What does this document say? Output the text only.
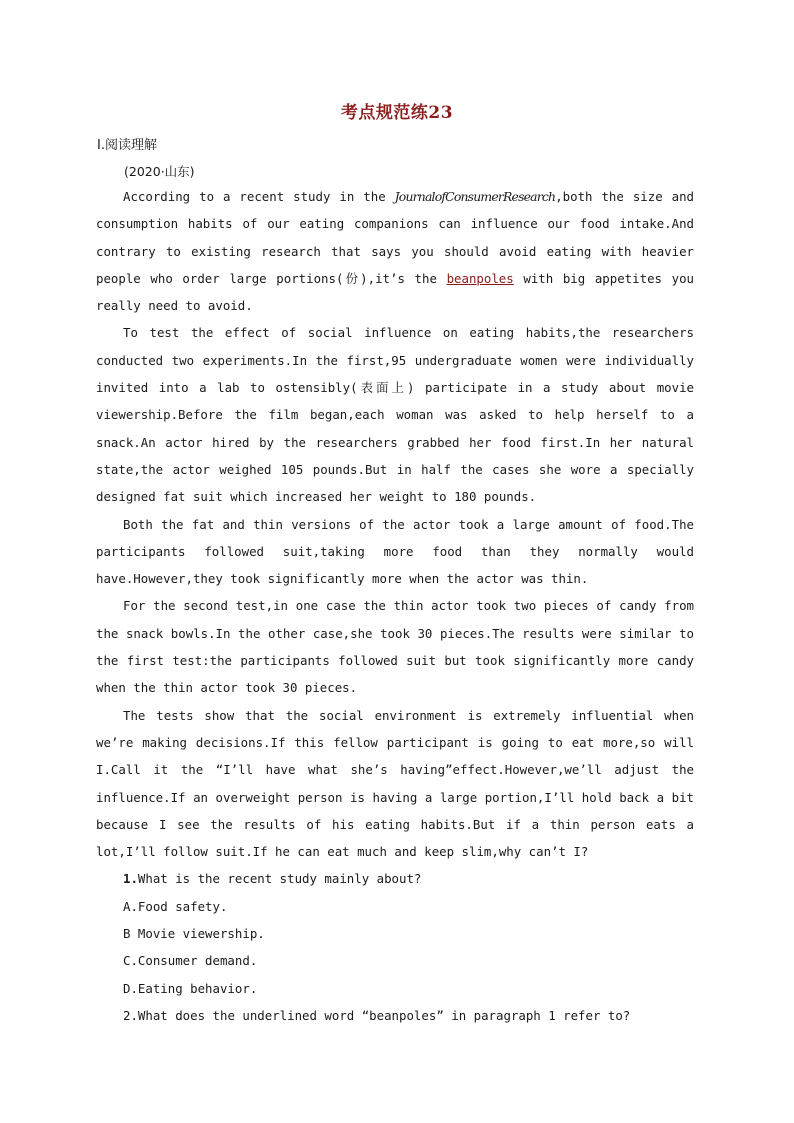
考点规范练23
Ⅰ.阅读理解
(2020·山东)

According to a recent study in the JournalofConsumerResearch,both the size and consumption habits of our eating companions can influence our food intake.And contrary to existing research that says you should avoid eating with heavier people who order large portions(份),it’s the beanpoles with big appetites you really need to avoid.

To test the effect of social influence on eating habits,the researchers conducted two experiments.In the first,95 undergraduate women were individually invited into a lab to ostensibly(表面上) participate in a study about movie viewership.Before the film began,each woman was asked to help herself to a snack.An actor hired by the researchers grabbed her food first.In her natural state,the actor weighed 105 pounds.But in half the cases she wore a specially designed fat suit which increased her weight to 180 pounds.

Both the fat and thin versions of the actor took a large amount of food.The participants followed suit,taking more food than they normally would have.However,they took significantly more when the actor was thin.

For the second test,in one case the thin actor took two pieces of candy from the snack bowls.In the other case,she took 30 pieces.The results were similar to the first test:the participants followed suit but took significantly more candy when the thin actor took 30 pieces.

The tests show that the social environment is extremely influential when we’re making decisions.If this fellow participant is going to eat more,so will I.Call it the “I’ll have what she’s having”effect.However,we’ll adjust the influence.If an overweight person is having a large portion,I’ll hold back a bit because I see the results of his eating habits.But if a thin person eats a lot,I’ll follow suit.If he can eat much and keep slim,why can’t I?

1.What is the recent study mainly about?

A.Food safety.

B Movie viewership.

C.Consumer demand.

D.Eating behavior.

2.What does the underlined word “beanpoles” in paragraph 1 refer to?
